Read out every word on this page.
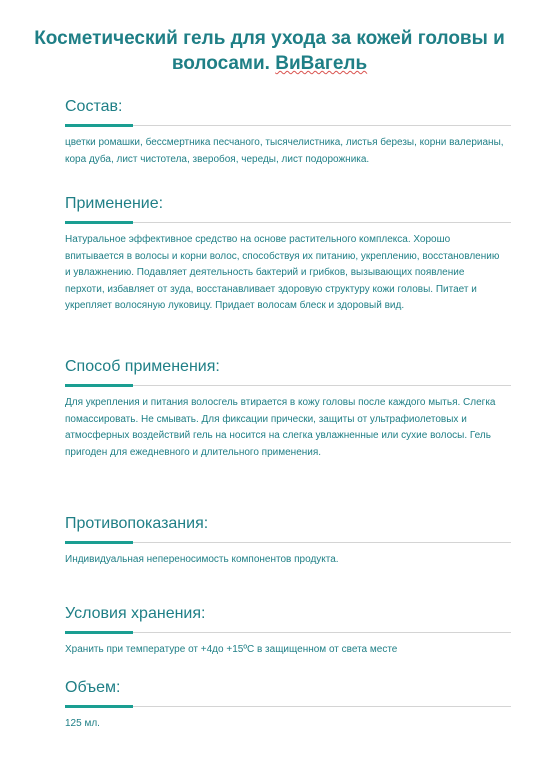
Косметический гель для ухода за кожей головы и волосами. ВиВагель
Состав:
цветки ромашки, бессмертника песчаного, тысячелистника, листья березы, корни валерианы, кора дуба, лист чистотела, зверобоя, череды, лист подорожника.
Применение:
Натуральное эффективное средство на основе растительного комплекса. Хорошо впитывается в волосы и корни волос, способствуя их питанию, укреплению, восстановлению и увлажнению. Подавляет деятельность бактерий и грибков, вызывающих появление перхоти, избавляет от зуда, восстанавливает здоровую структуру кожи головы. Питает и укрепляет волосяную луковицу. Придает волосам блеск и здоровый вид.
Способ применения:
Для укрепления и питания волосгель втирается в кожу головы после каждого мытья. Слегка помассировать. Не смывать. Для фиксации прически, защиты от ультрафиолетовых и атмосферных воздействий гель на носится на слегка увлажненные или сухие волосы. Гель пригоден для ежедневного и длительного применения.
Противопоказания:
Индивидуальная непереносимость компонентов продукта.
Условия хранения:
Хранить при температуре от +4до +15ºС в защищенном от света месте
Объем:
125 мл.
